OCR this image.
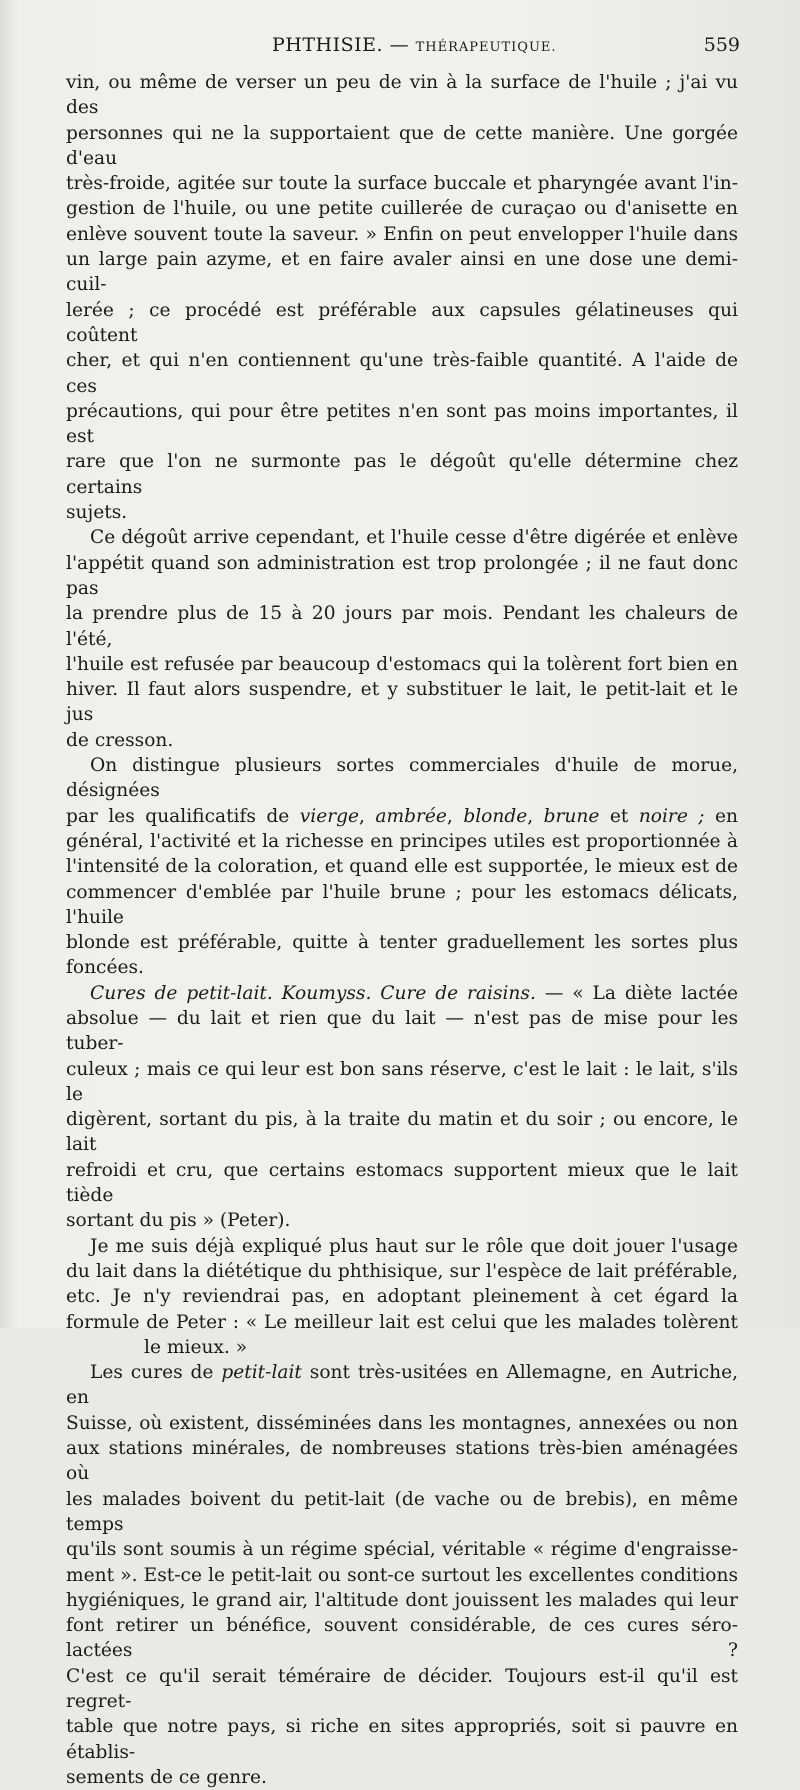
PHTHISIE. — THÉRAPEUTIQUE.	559

vin, ou même de verser un peu de vin à la surface de l'huile ; j'ai vu des

personnes qui ne la supportaient que de cette manière. Une gorgée d'eau

très-froide, agitée sur toute la surface buccale et pharyngée avant l'in-

gestion de l'huile, ou une petite cuillerée de curaçao ou d'anisette en

enlève souvent toute la saveur. » Enfin on peut envelopper l'huile dans

un large pain azyme, et en faire avaler ainsi en une dose une demi-cuil-

lerée ; ce procédé est préférable aux capsules gélatineuses qui coûtent

cher, et qui n'en contiennent qu'une très-faible quantité. A l'aide de ces

précautions, qui pour être petites n'en sont pas moins importantes, il est

rare que l'on ne surmonte pas le dégoût qu'elle détermine chez certains

sujets.

Ce dégoût arrive cependant, et l'huile cesse d'être digérée et enlève

l'appétit quand son administration est trop prolongée ; il ne faut donc pas

la prendre plus de 15 à 20 jours par mois. Pendant les chaleurs de l'été,

l'huile est refusée par beaucoup d'estomacs qui la tolèrent fort bien en

hiver. Il faut alors suspendre, et y substituer le lait, le petit-lait et le jus

de cresson.

On distingue plusieurs sortes commerciales d'huile de morue, désignées

par les qualificatifs de vierge, ambrée, blonde, brune et noire ; en

général, l'activité et la richesse en principes utiles est proportionnée à

l'intensité de la coloration, et quand elle est supportée, le mieux est de

commencer d'emblée par l'huile brune ; pour les estomacs délicats, l'huile

blonde est préférable, quitte à tenter graduellement les sortes plus

foncées.

Cures de petit-lait. Koumyss. Cure de raisins. — « La diète lactée

absolue — du lait et rien que du lait — n'est pas de mise pour les tuber-

culeux ; mais ce qui leur est bon sans réserve, c'est le lait : le lait, s'ils le

digèrent, sortant du pis, à la traite du matin et du soir ; ou encore, le lait

refroidi et cru, que certains estomacs supportent mieux que le lait tiède

sortant du pis » (Peter).

Je me suis déjà expliqué plus haut sur le rôle que doit jouer l'usage

du lait dans la diététique du phthisique, sur l'espèce de lait préférable,

etc. Je n'y reviendrai pas, en adoptant pleinement à cet égard la

formule de Peter : « Le meilleur lait est celui que les malades tolèrent

le mieux. »

Les cures de petit-lait sont très-usitées en Allemagne, en Autriche, en

Suisse, où existent, disséminées dans les montagnes, annexées ou non

aux stations minérales, de nombreuses stations très-bien aménagées où

les malades boivent du petit-lait (de vache ou de brebis), en même temps

qu'ils sont soumis à un régime spécial, véritable « régime d'engraisse-

ment ». Est-ce le petit-lait ou sont-ce surtout les excellentes conditions

hygiéniques, le grand air, l'altitude dont jouissent les malades qui leur

font retirer un bénéfice, souvent considérable, de ces cures séro-lactées ?

C'est ce qu'il serait téméraire de décider. Toujours est-il qu'il est regret-

table que notre pays, si riche en sites appropriés, soit si pauvre en établis-

sements de ce genre.
